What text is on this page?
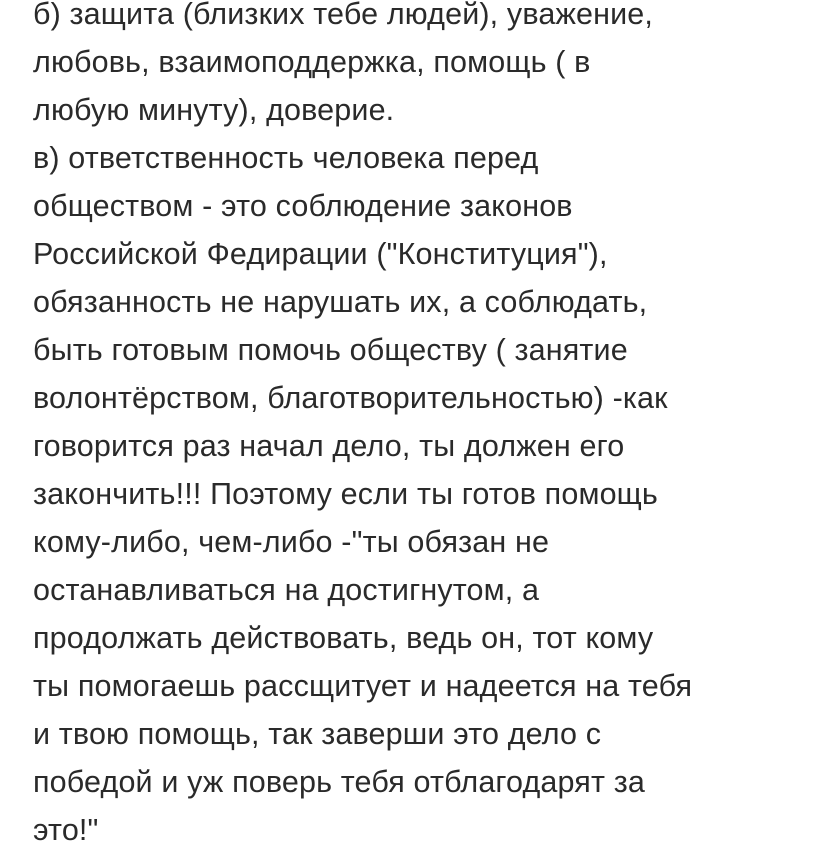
б) защита (близких тебе людей), уважение,
любовь, взаимоподдержка, помощь ( в
любую минуту), доверие.
в) ответственность человека перед
обществом - это соблюдение законов
Российской Федирации ("Конституция"),
обязанность не нарушать их, а соблюдать,
быть готовым помочь обществу ( занятие
волонтёрством, благотворительностью) -как
говорится раз начал дело, ты должен его
закончить!!! Поэтому если ты готов помощь
кому-либо, чем-либо -"ты обязан не
останавливаться на достигнутом, а
продолжать действовать, ведь он, тот кому
ты помогаешь рассщитует и надеется на тебя
и твою помощь, так заверши это дело с
победой и уж поверь тебя отблагодарят за
это!"
